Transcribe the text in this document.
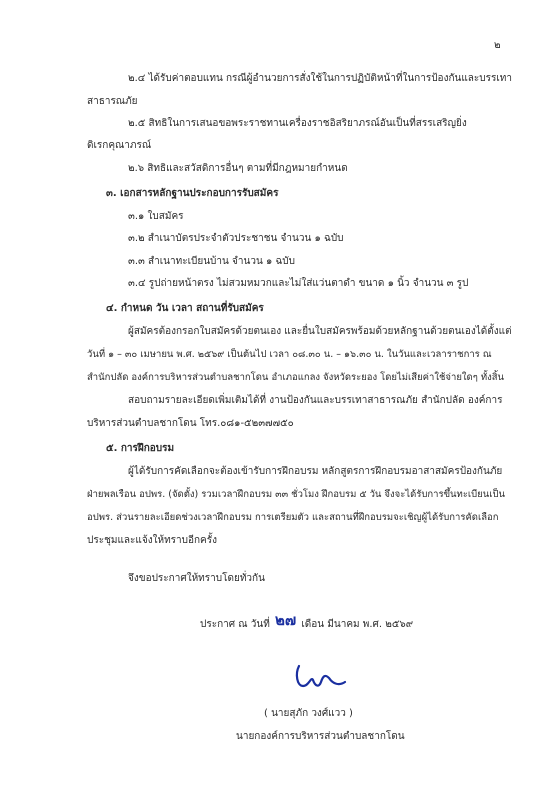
๒
๒.๔ ได้รับค่าตอบแทน กรณีผู้อำนวยการสั่งใช้ในการปฏิบัติหน้าที่ในการป้องกันและบรรเทา
สาธารณภัย
๒.๕ สิทธิในการเสนอขอพระราชทานเครื่องราชอิสริยาภรณ์อันเป็นที่สรรเสริญยิ่ง
ดิเรกคุณาภรณ์
๒.๖ สิทธิและสวัสดิการอื่นๆ ตามที่มีกฎหมายกำหนด
๓. เอกสารหลักฐานประกอบการรับสมัคร
๓.๑ ใบสมัคร
๓.๒ สำเนาบัตรประจำตัวประชาชน จำนวน ๑ ฉบับ
๓.๓ สำเนาทะเบียนบ้าน จำนวน ๑ ฉบับ
๓.๔ รูปถ่ายหน้าตรง ไม่สวมหมวกและไม่ใส่แว่นตาดำ ขนาด ๑ นิ้ว จำนวน ๓ รูป
๔. กำหนด วัน เวลา สถานที่รับสมัคร
ผู้สมัครต้องกรอกใบสมัครด้วยตนเอง และยื่นใบสมัครพร้อมด้วยหลักฐานด้วยตนเองได้ตั้งแต่
วันที่ ๑ – ๓๐ เมษายน พ.ศ. ๒๕๖๙ เป็นต้นไป เวลา ๐๘.๓๐ น. – ๑๖.๓๐ น. ในวันและเวลาราชการ ณ
สำนักปลัด องค์การบริหารส่วนตำบลชากโดน อำเภอแกลง จังหวัดระยอง โดยไม่เสียค่าใช้จ่ายใดๆ ทั้งสิ้น
สอบถามรายละเอียดเพิ่มเติมได้ที่ งานป้องกันและบรรเทาสาธารณภัย สำนักปลัด องค์การ
บริหารส่วนตำบลชากโดน โทร.๐๘๑-๕๒๓๗๗๕๐
๕. การฝึกอบรม
ผู้ได้รับการคัดเลือกจะต้องเข้ารับการฝึกอบรม หลักสูตรการฝึกอบรมอาสาสมัครป้องกันภัย
ฝ่ายพลเรือน อปพร. (จัดตั้ง) รวมเวลาฝึกอบรม ๓๓ ชั่วโมง ฝึกอบรม ๕ วัน จึงจะได้รับการขึ้นทะเบียนเป็น
อปพร. ส่วนรายละเอียดช่วงเวลาฝึกอบรม การเตรียมตัว และสถานที่ฝึกอบรมจะเชิญผู้ได้รับการคัดเลือก
ประชุมและแจ้งให้ทราบอีกครั้ง
จึงขอประกาศให้ทราบโดยทั่วกัน
ประกาศ ณ วันที่ ๒๗ เดือน มีนาคม พ.ศ. ๒๕๖๙
( นายสุภัก วงศ์แวว )
นายกองค์การบริหารส่วนตำบลชากโดน
